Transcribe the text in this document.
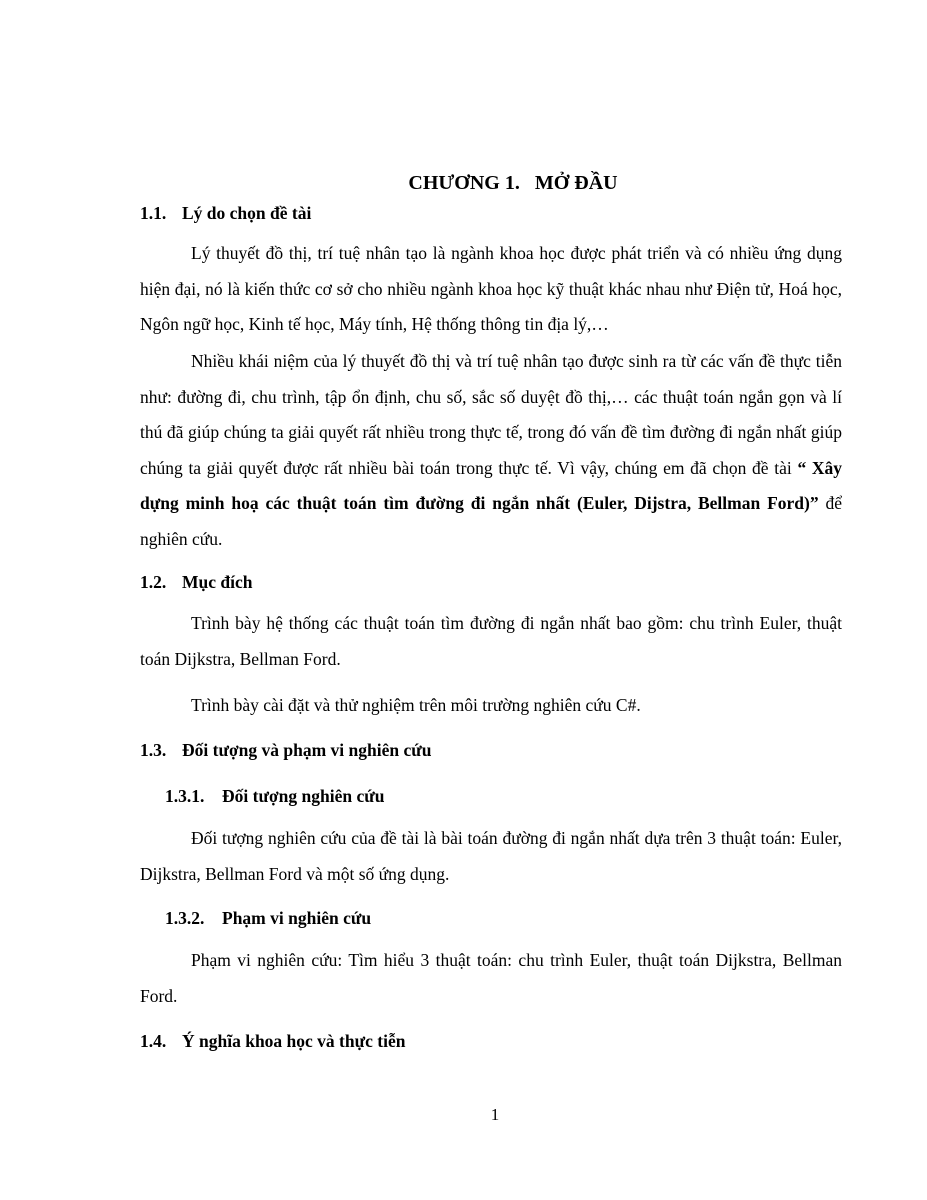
CHƯƠNG 1.   MỞ ĐẦU
1.1. Lý do chọn đề tài

Lý thuyết đồ thị, trí tuệ nhân tạo là ngành khoa học được phát triển và có nhiều ứng dụng hiện đại, nó là kiến thức cơ sở cho nhiều ngành khoa học kỹ thuật khác nhau như Điện tử, Hoá học, Ngôn ngữ học, Kinh tế học, Máy tính, Hệ thống thông tin địa lý,…

Nhiều khái niệm của lý thuyết đồ thị và trí tuệ nhân tạo được sinh ra từ các vấn đề thực tiễn như: đường đi, chu trình, tập ổn định, chu số, sắc số duyệt đồ thị,… các thuật toán ngắn gọn và lí thú đã giúp chúng ta giải quyết rất nhiều trong thực tế, trong đó vấn đề tìm đường đi ngắn nhất giúp chúng ta giải quyết được rất nhiều bài toán trong thực tế. Vì vậy, chúng em đã chọn đề tài “ Xây dựng minh hoạ các thuật toán tìm đường đi ngắn nhất (Euler, Dijstra, Bellman Ford)” để nghiên cứu.

1.2. Mục đích

Trình bày hệ thống các thuật toán tìm đường đi ngắn nhất bao gồm: chu trình Euler, thuật toán Dijkstra, Bellman Ford.

Trình bày cài đặt và thử nghiệm trên môi trường nghiên cứu C#.

1.3. Đối tượng và phạm vi nghiên cứu
1.3.1. Đối tượng nghiên cứu

Đối tượng nghiên cứu của đề tài là bài toán đường đi ngắn nhất dựa trên 3 thuật toán: Euler, Dijkstra, Bellman Ford và một số ứng dụng.

1.3.2. Phạm vi nghiên cứu

Phạm vi nghiên cứu: Tìm hiểu 3 thuật toán: chu trình Euler, thuật toán Dijkstra, Bellman Ford.

1.4. Ý nghĩa khoa học và thực tiễn
1
